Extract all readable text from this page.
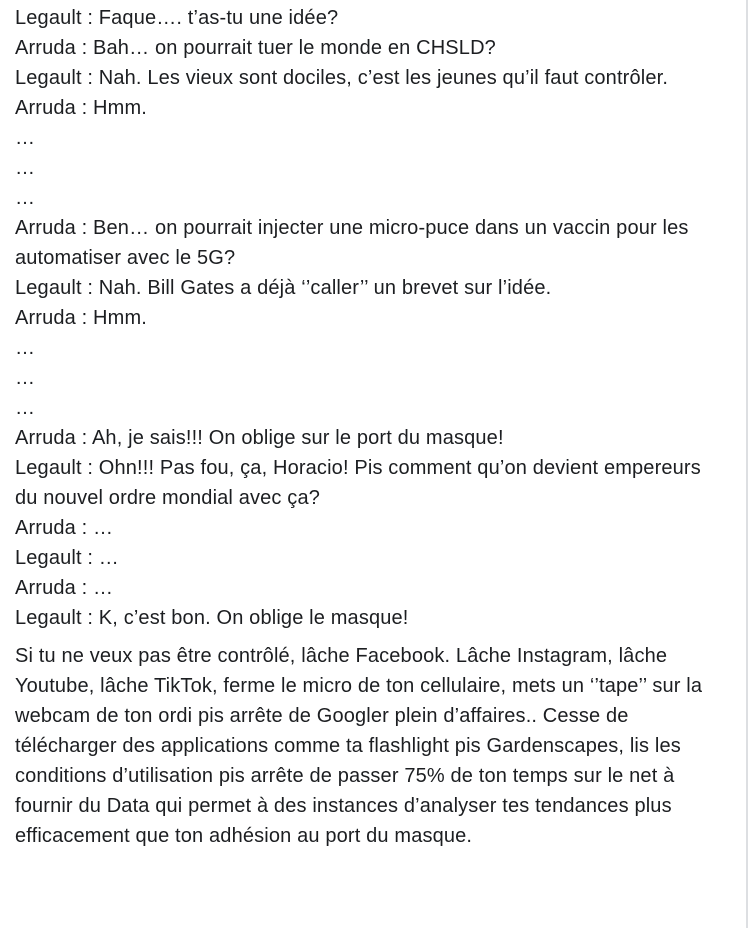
Legault : Faque…. t’as-tu une idée?
Arruda : Bah… on pourrait tuer le monde en CHSLD?
Legault : Nah. Les vieux sont dociles, c’est les jeunes qu’il faut contrôler.
Arruda : Hmm.
…
…
…
Arruda : Ben… on pourrait injecter une micro-puce dans un vaccin pour les automatiser avec le 5G?
Legault : Nah. Bill Gates a déjà ‘’caller’’ un brevet sur l’idée.
Arruda : Hmm.
…
…
…
Arruda : Ah, je sais!!! On oblige sur le port du masque!
Legault : Ohn!!! Pas fou, ça, Horacio! Pis comment qu’on devient empereurs du nouvel ordre mondial avec ça?
Arruda : …
Legault : …
Arruda : …
Legault : K, c’est bon. On oblige le masque!

Si tu ne veux pas être contrôlé, lâche Facebook. Lâche Instagram, lâche Youtube, lâche TikTok, ferme le micro de ton cellulaire, mets un ‘’tape’’ sur la webcam de ton ordi pis arrête de Googler plein d’affaires.. Cesse de télécharger des applications comme ta flashlight pis Gardenscapes, lis les conditions d’utilisation pis arrête de passer 75% de ton temps sur le net à fournir du Data qui permet à des instances d’analyser tes tendances plus efficacement que ton adhésion au port du masque.
